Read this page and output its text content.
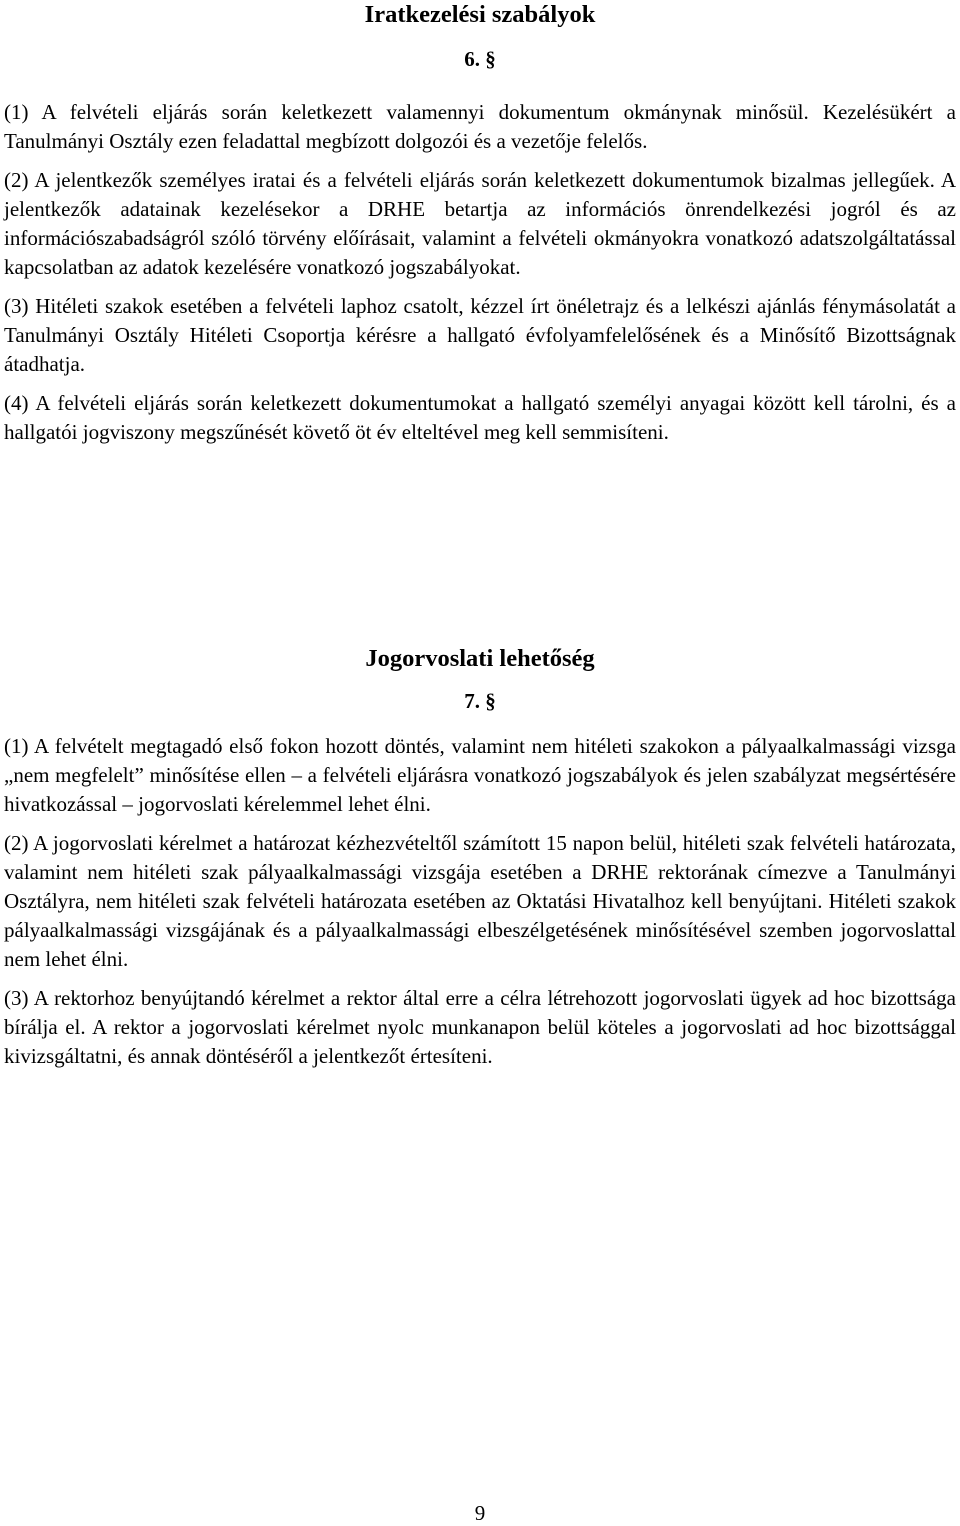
Iratkezelési szabályok
6. §

(1) A felvételi eljárás során keletkezett valamennyi dokumentum okmánynak minősül. Kezelésükért a Tanulmányi Osztály ezen feladattal megbízott dolgozói és a vezetője felelős.

(2) A jelentkezők személyes iratai és a felvételi eljárás során keletkezett dokumentumok bizalmas jellegűek. A jelentkezők adatainak kezelésekor a DRHE betartja az információs önrendelkezési jogról és az információszabadságról szóló törvény előírásait, valamint a felvételi okmányokra vonatkozó adatszolgáltatással kapcsolatban az adatok kezelésére vonatkozó jogszabályokat.

(3) Hitéleti szakok esetében a felvételi laphoz csatolt, kézzel írt önéletrajz és a lelkészi ajánlás fénymásolatát a Tanulmányi Osztály Hitéleti Csoportja kérésre a hallgató évfolyamfelelősének és a Minősítő Bizottságnak átadhatja.

(4) A felvételi eljárás során keletkezett dokumentumokat a hallgató személyi anyagai között kell tárolni, és a hallgatói jogviszony megszűnését követő öt év elteltével meg kell semmisíteni.

Jogorvoslati lehetőség
7. §

(1) A felvételt megtagadó első fokon hozott döntés, valamint nem hitéleti szakokon a pályaalkalmassági vizsga „nem megfelelt” minősítése ellen – a felvételi eljárásra vonatkozó jogszabályok és jelen szabályzat megsértésére hivatkozással – jogorvoslati kérelemmel lehet élni.

(2) A jogorvoslati kérelmet a határozat kézhezvételtől számított 15 napon belül, hitéleti szak felvételi határozata, valamint nem hitéleti szak pályaalkalmassági vizsgája esetében a DRHE rektorának címezve a Tanulmányi Osztályra, nem hitéleti szak felvételi határozata esetében az Oktatási Hivatalhoz kell benyújtani. Hitéleti szakok pályaalkalmassági vizsgájának és a pályaalkalmassági elbeszélgetésének minősítésével szemben jogorvoslattal nem lehet élni.

(3) A rektorhoz benyújtandó kérelmet a rektor által erre a célra létrehozott jogorvoslati ügyek ad hoc bizottsága bírálja el. A rektor a jogorvoslati kérelmet nyolc munkanapon belül köteles a jogorvoslati ad hoc bizottsággal kivizsgáltatni, és annak döntéséről a jelentkezőt értesíteni.

9
